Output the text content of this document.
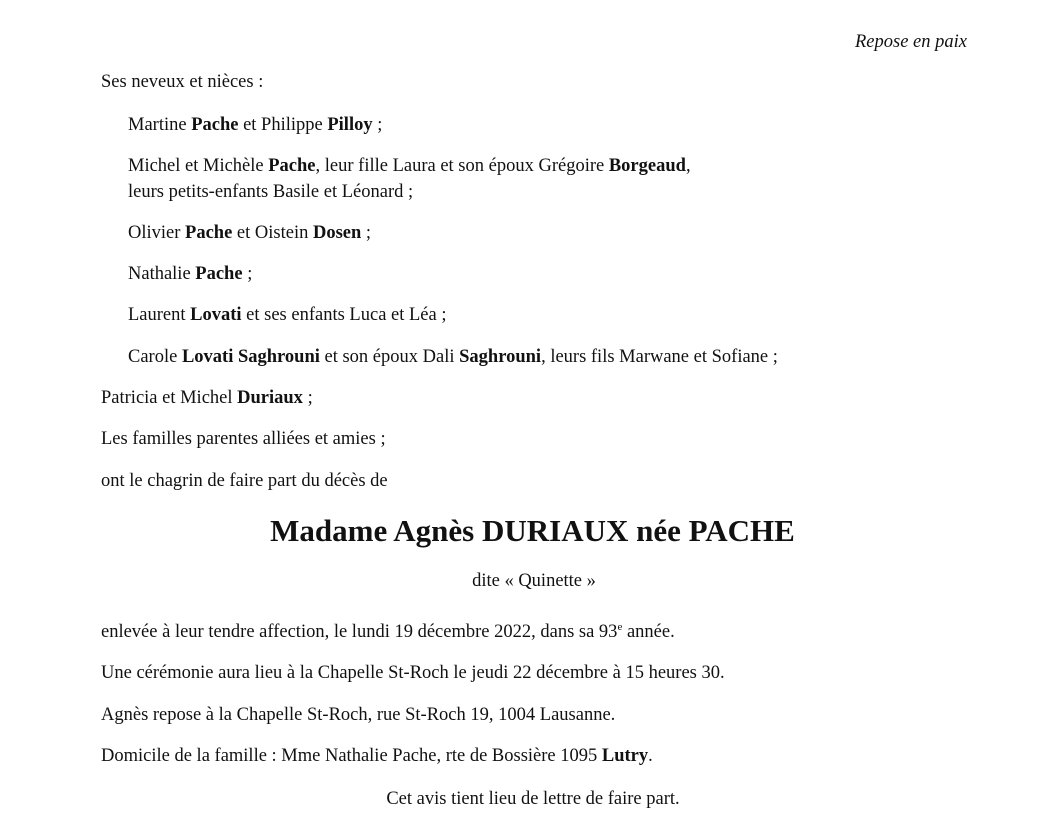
Repose en paix
Ses neveux et nièces :
Martine Pache et Philippe Pilloy ;
Michel et Michèle Pache, leur fille Laura et son époux Grégoire Borgeaud,
leurs petits-enfants Basile et Léonard ;
Olivier Pache et Oistein Dosen ;
Nathalie Pache ;
Laurent Lovati et ses enfants Luca et Léa ;
Carole Lovati Saghrouni et son époux Dali Saghrouni, leurs fils Marwane et Sofiane ;
Patricia et Michel Duriaux ;
Les familles parentes alliées et amies ;
ont le chagrin de faire part du décès de
Madame Agnès DURIAUX née PACHE
dite « Quinette »
enlevée à leur tendre affection, le lundi 19 décembre 2022, dans sa 93e année.
Une cérémonie aura lieu à la Chapelle St-Roch le jeudi 22 décembre à 15 heures 30.
Agnès repose à la Chapelle St-Roch, rue St-Roch 19, 1004 Lausanne.
Domicile de la famille : Mme Nathalie Pache, rte de Bossière 1095 Lutry.
Cet avis tient lieu de lettre de faire part.
